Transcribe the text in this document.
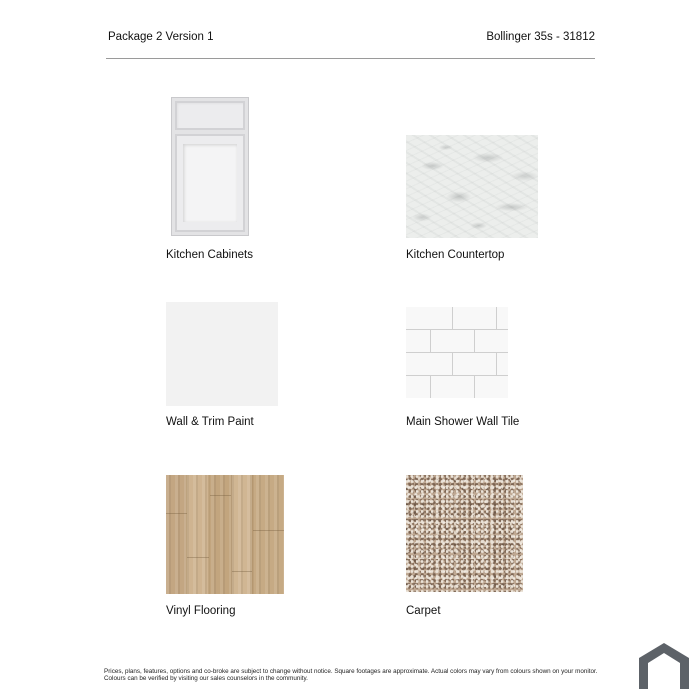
Package 2 Version 1	Bollinger 35s - 31812
Kitchen Cabinets	Kitchen Countertop
Wall & Trim Paint	Main Shower Wall Tile
Vinyl Flooring	Carpet
Prices, plans, features, options and co-broke are subject to change without notice. Square footages are approximate. Actual colors may vary from colours shown on your monitor. Colours can be verified by visiting our sales counselors in the community.
